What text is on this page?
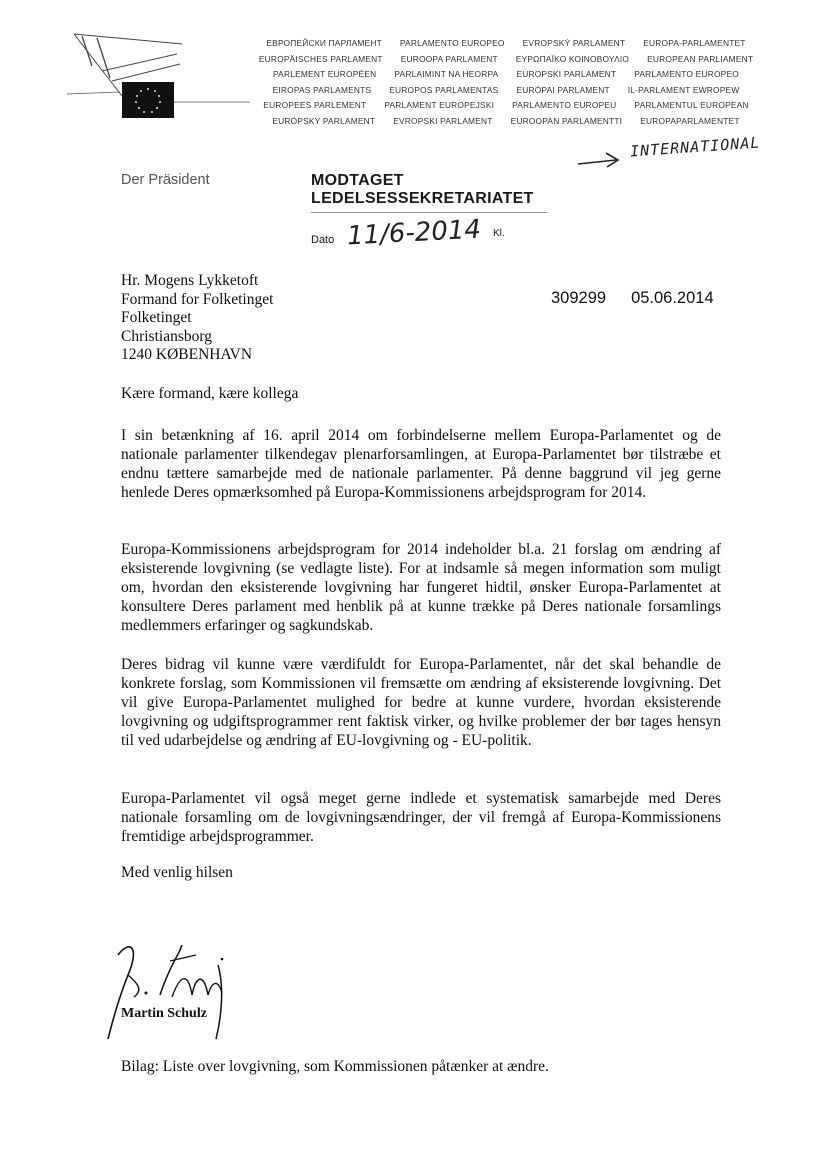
ЕВРОПЕЙСКИ ПАРЛАМЕНТ PARLAMENTO EUROPEO EVROPSKÝ PARLAMENT EUROPA-PARLAMENTET
EUROPÄISCHES PARLAMENT EUROOPA PARLAMENT ΕΥΡΩΠΑΪΚΟ ΚΟΙΝΟΒΟΥΛΙΟ EUROPEAN PARLIAMENT
PARLEMENT EUROPÉEN PARLAIMINT NA HEORPA EUROPSKI PARLAMENT PARLAMENTO EUROPEO
EIROPAS PARLAMENTS EUROPOS PARLAMENTAS EURÓPAI PARLAMENT IL-PARLAMENT EWROPEW
EUROPEES PARLEMENT PARLAMENT EUROPEJSKI PARLAMENTO EUROPEU PARLAMENTUL EUROPEAN
EURÓPSKY PARLAMENT EVROPSKI PARLAMENT EUROOPAN PARLAMENTTI EUROPAPARLAMENTET
INTERNATIONAL
Der Präsident	MODTAGET
LEDELSESSEKRETARIATET
Dato 11/6-2014 Kl.
Hr. Mogens Lykketoft
Formand for Folketinget
Folketinget
Christiansborg
1240 KØBENHAVN
309299 05.06.2014
Kære formand, kære kollega

I sin betænkning af 16. april 2014 om forbindelserne mellem Europa-Parlamentet og de nationale parlamenter tilkendegav plenarforsamlingen, at Europa-Parlamentet bør tilstræbe et endnu tættere samarbejde med de nationale parlamenter. På denne baggrund vil jeg gerne henlede Deres opmærksomhed på Europa-Kommissionens arbejdsprogram for 2014.

Europa-Kommissionens arbejdsprogram for 2014 indeholder bl.a. 21 forslag om ændring af eksisterende lovgivning (se vedlagte liste). For at indsamle så megen information som muligt om, hvordan den eksisterende lovgivning har fungeret hidtil, ønsker Europa-Parlamentet at konsultere Deres parlament med henblik på at kunne trække på Deres nationale forsamlings medlemmers erfaringer og sagkundskab.

Deres bidrag vil kunne være værdifuldt for Europa-Parlamentet, når det skal behandle de konkrete forslag, som Kommissionen vil fremsætte om ændring af eksisterende lovgivning. Det vil give Europa-Parlamentet mulighed for bedre at kunne vurdere, hvordan eksisterende lovgivning og udgiftsprogrammer rent faktisk virker, og hvilke problemer der bør tages hensyn til ved udarbejdelse og ændring af EU-lovgivning og - EU-politik.

Europa-Parlamentet vil også meget gerne indlede et systematisk samarbejde med Deres nationale forsamling om de lovgivningsændringer, der vil fremgå af Europa-Kommissionens fremtidige arbejdsprogrammer.

Med venlig hilsen
Martin Schulz
Bilag: Liste over lovgivning, som Kommissionen påtænker at ændre.
